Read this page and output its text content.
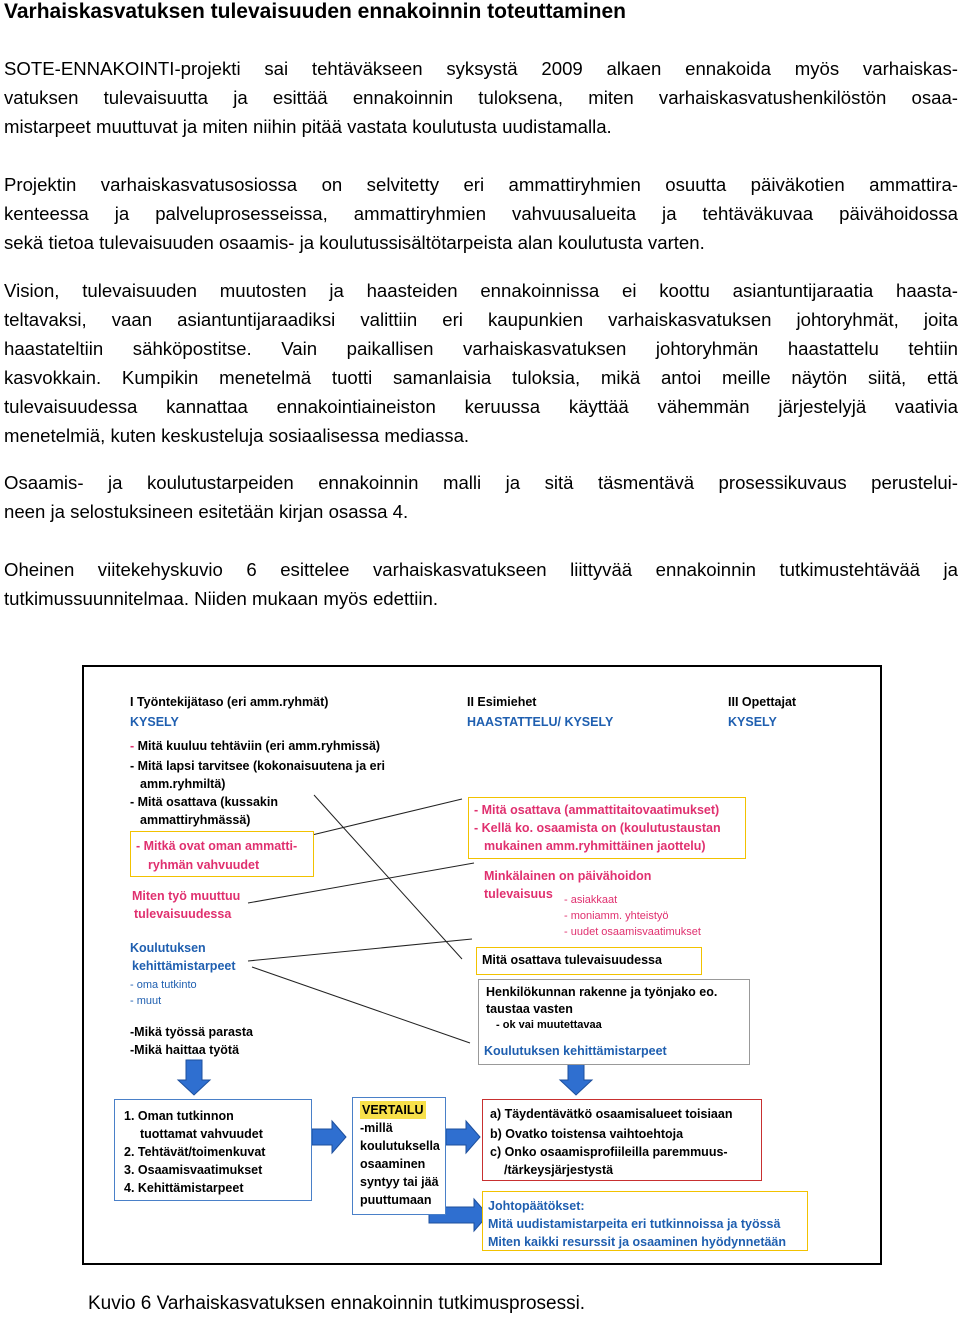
Varhaiskasvatuksen tulevaisuuden ennakoinnin toteuttaminen
SOTE-ENNAKOINTI-projekti sai tehtäväkseen syksystä 2009 alkaen ennakoida myös varhaiskas-
vatuksen tulevaisuutta ja esittää ennakoinnin tuloksena, miten varhaiskasvatushenkilöstön osaa-
mistarpeet muuttuvat ja miten niihin pitää vastata koulutusta uudistamalla.
Projektin varhaiskasvatusosiossa on selvitetty eri ammattiryhmien osuutta päiväkotien ammattira-
kenteessa ja palveluprosesseissa, ammattiryhmien vahvuusalueita ja tehtäväkuvaa päivähoidossa
sekä tietoa tulevaisuuden osaamis- ja koulutussisältötarpeista alan koulutusta varten.
Vision, tulevaisuuden muutosten ja haasteiden ennakoinnissa ei koottu asiantuntijaraatia haasta-
teltavaksi, vaan asiantuntijaraadiksi valittiin eri kaupunkien varhaiskasvatuksen johtoryhmät, joita
haastateltiin sähköpostitse. Vain paikallisen varhaiskasvatuksen johtoryhmän haastattelu tehtiin
kasvokkain. Kumpikin menetelmä tuotti samanlaisia tuloksia, mikä antoi meille näytön siitä, että
tulevaisuudessa kannattaa ennakointiaineiston keruussa käyttää vähemmän järjestelyjä vaativia
menetelmiä, kuten keskusteluja sosiaalisessa mediassa.
Osaamis- ja koulutustarpeiden ennakoinnin malli ja sitä täsmentävä prosessikuvaus perustelui-
neen ja selostuksineen esitetään kirjan osassa 4.
Oheinen viitekehyskuvio 6 esittelee varhaiskasvatukseen liittyvää ennakoinnin tutkimustehtävää ja
tutkimussuunnitelmaa. Niiden mukaan myös edettiin.
I Työntekijätaso (eri amm.ryhmät)
KYSELY
- Mitä kuuluu tehtäviin (eri amm.ryhmissä)
- Mitä lapsi tarvitsee (kokonaisuutena ja eri
amm.ryhmiltä)
- Mitä osattava (kussakin
ammattiryhmässä)
- Mitkä ovat oman ammatti-
ryhmän vahvuudet
Miten työ muuttuu
tulevaisuudessa
Koulutuksen
kehittämistarpeet
- oma tutkinto
- muut
-Mikä työssä parasta
-Mikä haittaa työtä
II Esimiehet
HAASTATTELU/ KYSELY
- Mitä osattava (ammattitaitovaatimukset)
- Kellä ko. osaamista on (koulutustaustan
mukainen amm.ryhmittäinen jaottelu)
Minkälainen on päivähoidon
tulevaisuus - asiakkaat
- moniamm. yhteistyö
- uudet osaamisvaatimukset
Mitä osattava tulevaisuudessa
Henkilökunnan rakenne ja työnjako eo.
taustaa vasten
- ok vai muutettavaa
Koulutuksen kehittämistarpeet
III Opettajat
KYSELY
1. Oman tutkinnon
tuottamat vahvuudet
2. Tehtävät/toimenkuvat
3. Osaamisvaatimukset
4. Kehittämistarpeet
VERTAILU
-millä
koulutuksella
osaaminen
syntyy tai jää
puuttumaan
a) Täydentävätkö osaamisalueet toisiaan
b) Ovatko toistensa vaihtoehtoja
c) Onko osaamisprofiileilla paremmuus-
/tärkeysjärjestystä
Johtopäätökset:
Mitä uudistamistarpeita eri tutkinnoissa ja työssä
Miten kaikki resurssit ja osaaminen hyödynnetään
Kuvio 6 Varhaiskasvatuksen ennakoinnin tutkimusprosessi.
